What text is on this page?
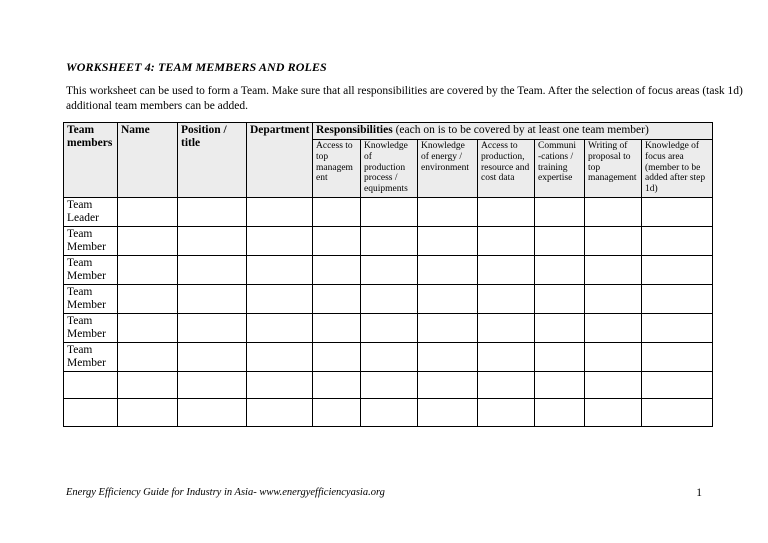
WORKSHEET 4: TEAM MEMBERS AND ROLES
This worksheet can be used to form a Team. Make sure that all responsibilities are covered by the Team. After the selection of focus areas (task 1d) additional team members can be added.
Team members	Name	Position / title	Department	Responsibilities (each on is to be covered by at least one team member)						
				Access to top managem ent	Knowledge of production process / equipments	Knowledge of energy / environment	Access to production, resource and cost data	Communi -cations / training expertise	Writing of proposal to top management	Knowledge of focus area (member to be added after step 1d)
Team Leader										
Team Member										
Team Member										
Team Member										
Team Member										
Team Member										

Energy Efficiency Guide for Industry in Asia- www.energyefficiencyasia.org	1
